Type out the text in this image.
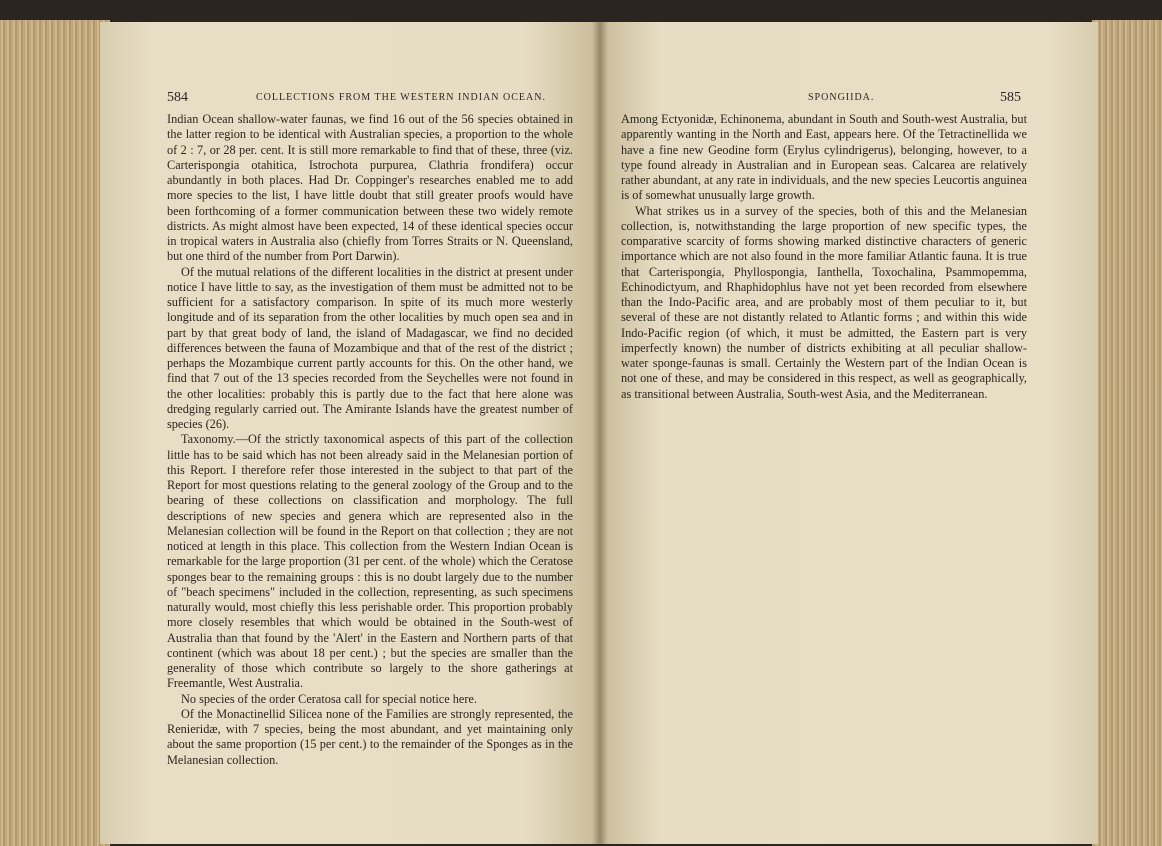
584	COLLECTIONS FROM THE WESTERN INDIAN OCEAN.	SPONGIIDA.	585

Indian Ocean shallow-water faunas, we find 16 out of the 56 species obtained in the latter region to be identical with Australian species, a proportion to the whole of 2 : 7, or 28 per. cent. It is still more remarkable to find that of these, three (viz. Carterispongia otahitica, Istrochota purpurea, Clathria frondifera) occur abundantly in both places. Had Dr. Coppinger's researches enabled me to add more species to the list, I have little doubt that still greater proofs would have been forthcoming of a former communication between these two widely remote districts. As might almost have been expected, 14 of these identical species occur in tropical waters in Australia also (chiefly from Torres Straits or N. Queensland, but one third of the number from Port Darwin).

Of the mutual relations of the different localities in the district at present under notice I have little to say, as the investigation of them must be admitted not to be sufficient for a satisfactory comparison. In spite of its much more westerly longitude and of its separation from the other localities by much open sea and in part by that great body of land, the island of Madagascar, we find no decided differences between the fauna of Mozambique and that of the rest of the district ; perhaps the Mozambique current partly accounts for this. On the other hand, we find that 7 out of the 13 species recorded from the Seychelles were not found in the other localities: probably this is partly due to the fact that here alone was dredging regularly carried out. The Amirante Islands have the greatest number of species (26).

Taxonomy.—Of the strictly taxonomical aspects of this part of the collection little has to be said which has not been already said in the Melanesian portion of this Report. I therefore refer those interested in the subject to that part of the Report for most questions relating to the general zoology of the Group and to the bearing of these collections on classification and morphology. The full descriptions of new species and genera which are represented also in the Melanesian collection will be found in the Report on that collection ; they are not noticed at length in this place. This collection from the Western Indian Ocean is remarkable for the large proportion (31 per cent. of the whole) which the Ceratose sponges bear to the remaining groups : this is no doubt largely due to the number of "beach specimens" included in the collection, representing, as such specimens naturally would, most chiefly this less perishable order. This proportion probably more closely resembles that which would be obtained in the South-west of Australia than that found by the 'Alert' in the Eastern and Northern parts of that continent (which was about 18 per cent.) ; but the species are smaller than the generality of those which contribute so largely to the shore gatherings at Freemantle, West Australia.

No species of the order Ceratosa call for special notice here.

Of the Monactinellid Silicea none of the Families are strongly represented, the Renieridæ, with 7 species, being the most abundant, and yet maintaining only about the same proportion (15 per cent.) to the remainder of the Sponges as in the Melanesian collection.

Among Ectyonidæ, Echinonema, abundant in South and South-west Australia, but apparently wanting in the North and East, appears here. Of the Tetractinellida we have a fine new Geodine form (Erylus cylindrigerus), belonging, however, to a type found already in Australian and in European seas. Calcarea are relatively rather abundant, at any rate in individuals, and the new species Leucortis anguinea is of somewhat unusually large growth.

What strikes us in a survey of the species, both of this and the Melanesian collection, is, notwithstanding the large proportion of new specific types, the comparative scarcity of forms showing marked distinctive characters of generic importance which are not also found in the more familiar Atlantic fauna. It is true that Carterispongia, Phyllospongia, Ianthella, Toxochalina, Psammopemma, Echinodictyum, and Rhaphidophlus have not yet been recorded from elsewhere than the Indo-Pacific area, and are probably most of them peculiar to it, but several of these are not distantly related to Atlantic forms ; and within this wide Indo-Pacific region (of which, it must be admitted, the Eastern part is very imperfectly known) the number of districts exhibiting at all peculiar shallow-water sponge-faunas is small. Certainly the Western part of the Indian Ocean is not one of these, and may be considered in this respect, as well as geographically, as transitional between Australia, South-west Asia, and the Mediterranean.
